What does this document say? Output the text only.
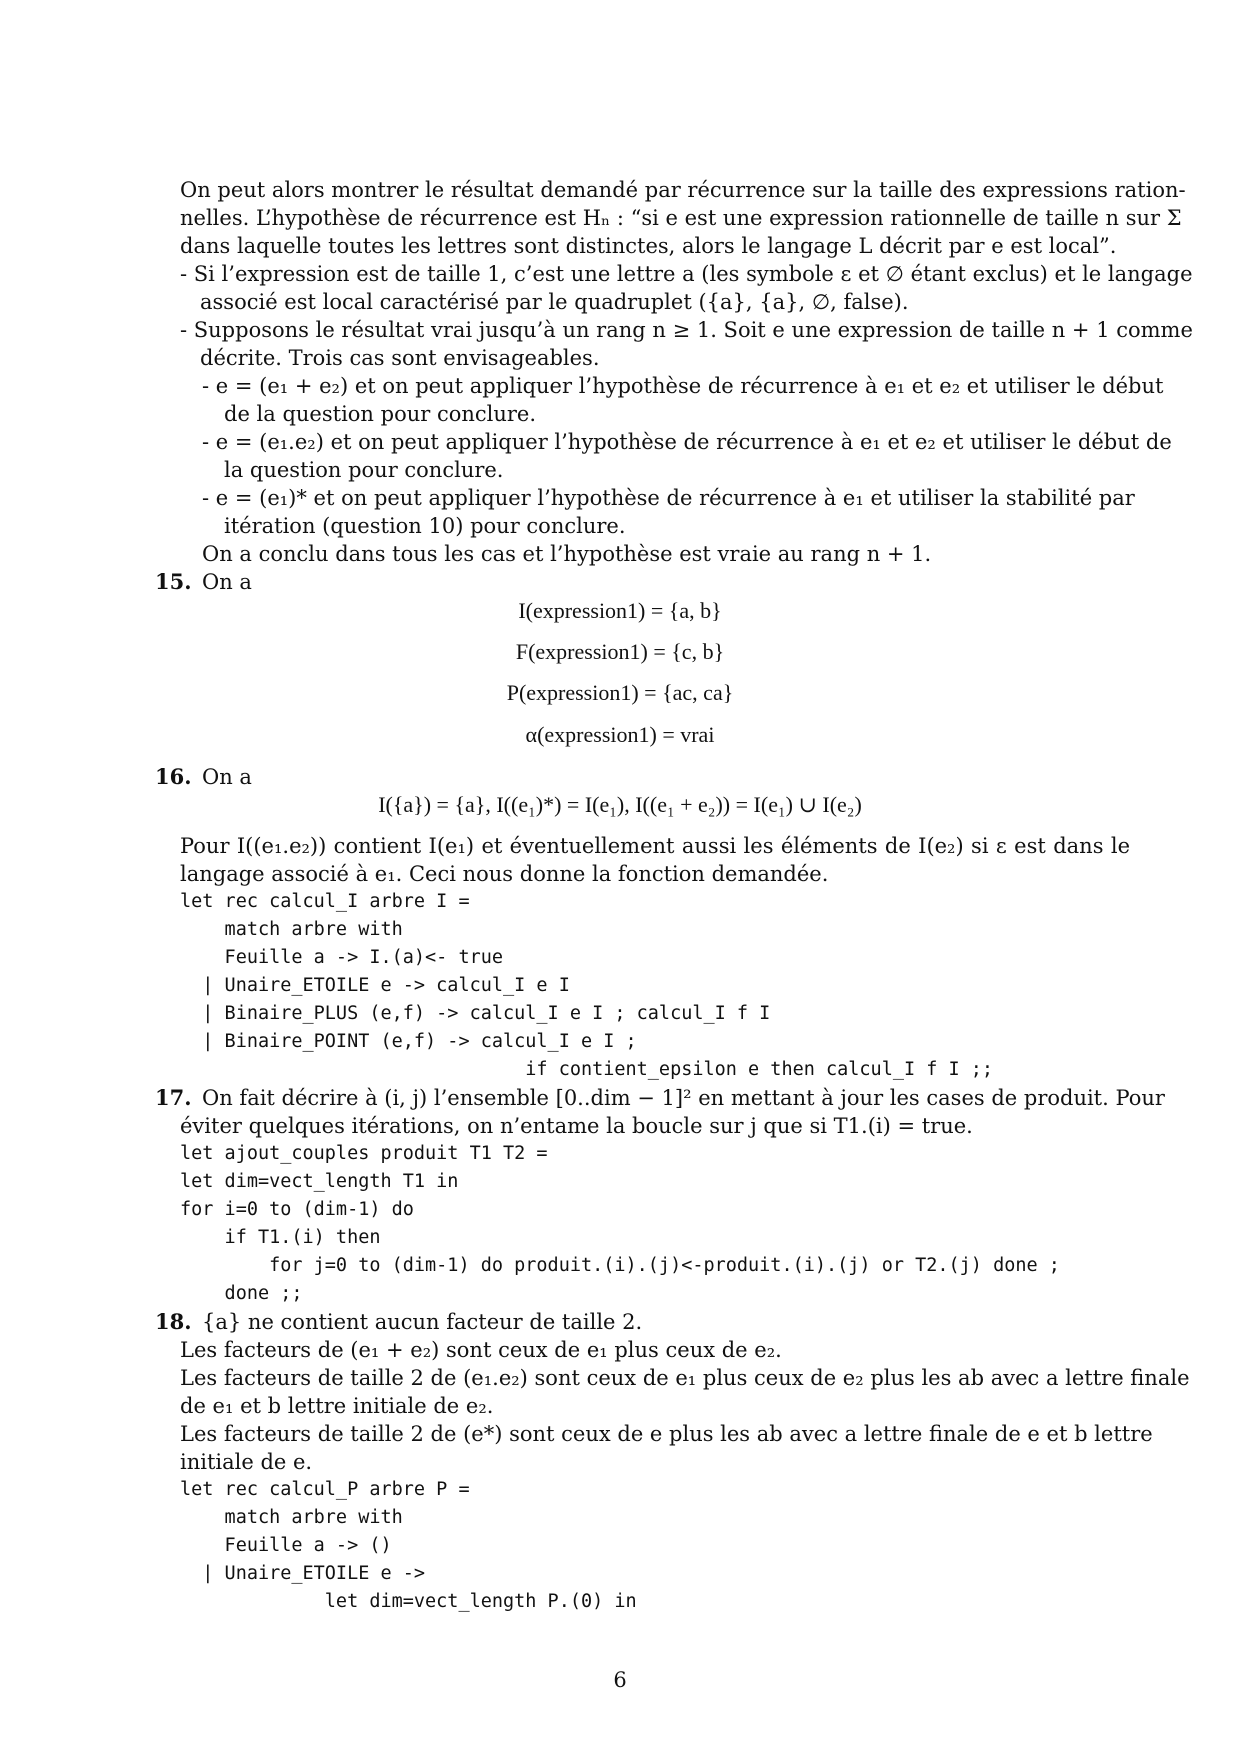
On peut alors montrer le résultat demandé par récurrence sur la taille des expressions ration-
nelles. L’hypothèse de récurrence est Hₙ : “si e est une expression rationnelle de taille n sur Σ
dans laquelle toutes les lettres sont distinctes, alors le langage L décrit par e est local”.
- Si l’expression est de taille 1, c’est une lettre a (les symbole ε et ∅ étant exclus) et le langage
associé est local caractérisé par le quadruplet ({a}, {a}, ∅, false).
- Supposons le résultat vrai jusqu’à un rang n ≥ 1. Soit e une expression de taille n + 1 comme
décrite. Trois cas sont envisageables.
- e = (e₁ + e₂) et on peut appliquer l’hypothèse de récurrence à e₁ et e₂ et utiliser le début
de la question pour conclure.
- e = (e₁.e₂) et on peut appliquer l’hypothèse de récurrence à e₁ et e₂ et utiliser le début de
la question pour conclure.
- e = (e₁)* et on peut appliquer l’hypothèse de récurrence à e₁ et utiliser la stabilité par
itération (question 10) pour conclure.
On a conclu dans tous les cas et l’hypothèse est vraie au rang n + 1.
15. On a
I(expression1) = {a, b}
F(expression1) = {c, b}
P(expression1) = {ac, ca}
α(expression1) = vrai
16. On a
I({a}) = {a}, I((e₁)*) = I(e₁), I((e₁ + e₂)) = I(e₁) ∪ I(e₂)
Pour I((e₁.e₂)) contient I(e₁) et éventuellement aussi les éléments de I(e₂) si ε est dans le
langage associé à e₁. Ceci nous donne la fonction demandée.
let rec calcul_I arbre I =
match arbre with
Feuille a -> I.(a)<- true
| Unaire_ETOILE e -> calcul_I e I
| Binaire_PLUS (e,f) -> calcul_I e I ; calcul_I f I
| Binaire_POINT (e,f) -> calcul_I e I ;
if contient_epsilon e then calcul_I f I ;;
17. On fait décrire à (i, j) l’ensemble [0..dim − 1]² en mettant à jour les cases de produit. Pour
éviter quelques itérations, on n’entame la boucle sur j que si T1.(i) = true.
let ajout_couples produit T1 T2 =
let dim=vect_length T1 in
for i=0 to (dim-1) do
if T1.(i) then
for j=0 to (dim-1) do produit.(i).(j)<-produit.(i).(j) or T2.(j) done ;
done ;;
18. {a} ne contient aucun facteur de taille 2.
Les facteurs de (e₁ + e₂) sont ceux de e₁ plus ceux de e₂.
Les facteurs de taille 2 de (e₁.e₂) sont ceux de e₁ plus ceux de e₂ plus les ab avec a lettre finale
de e₁ et b lettre initiale de e₂.
Les facteurs de taille 2 de (e*) sont ceux de e plus les ab avec a lettre finale de e et b lettre
initiale de e.
let rec calcul_P arbre P =
match arbre with
Feuille a -> ()
| Unaire_ETOILE e ->
let dim=vect_length P.(0) in
6
